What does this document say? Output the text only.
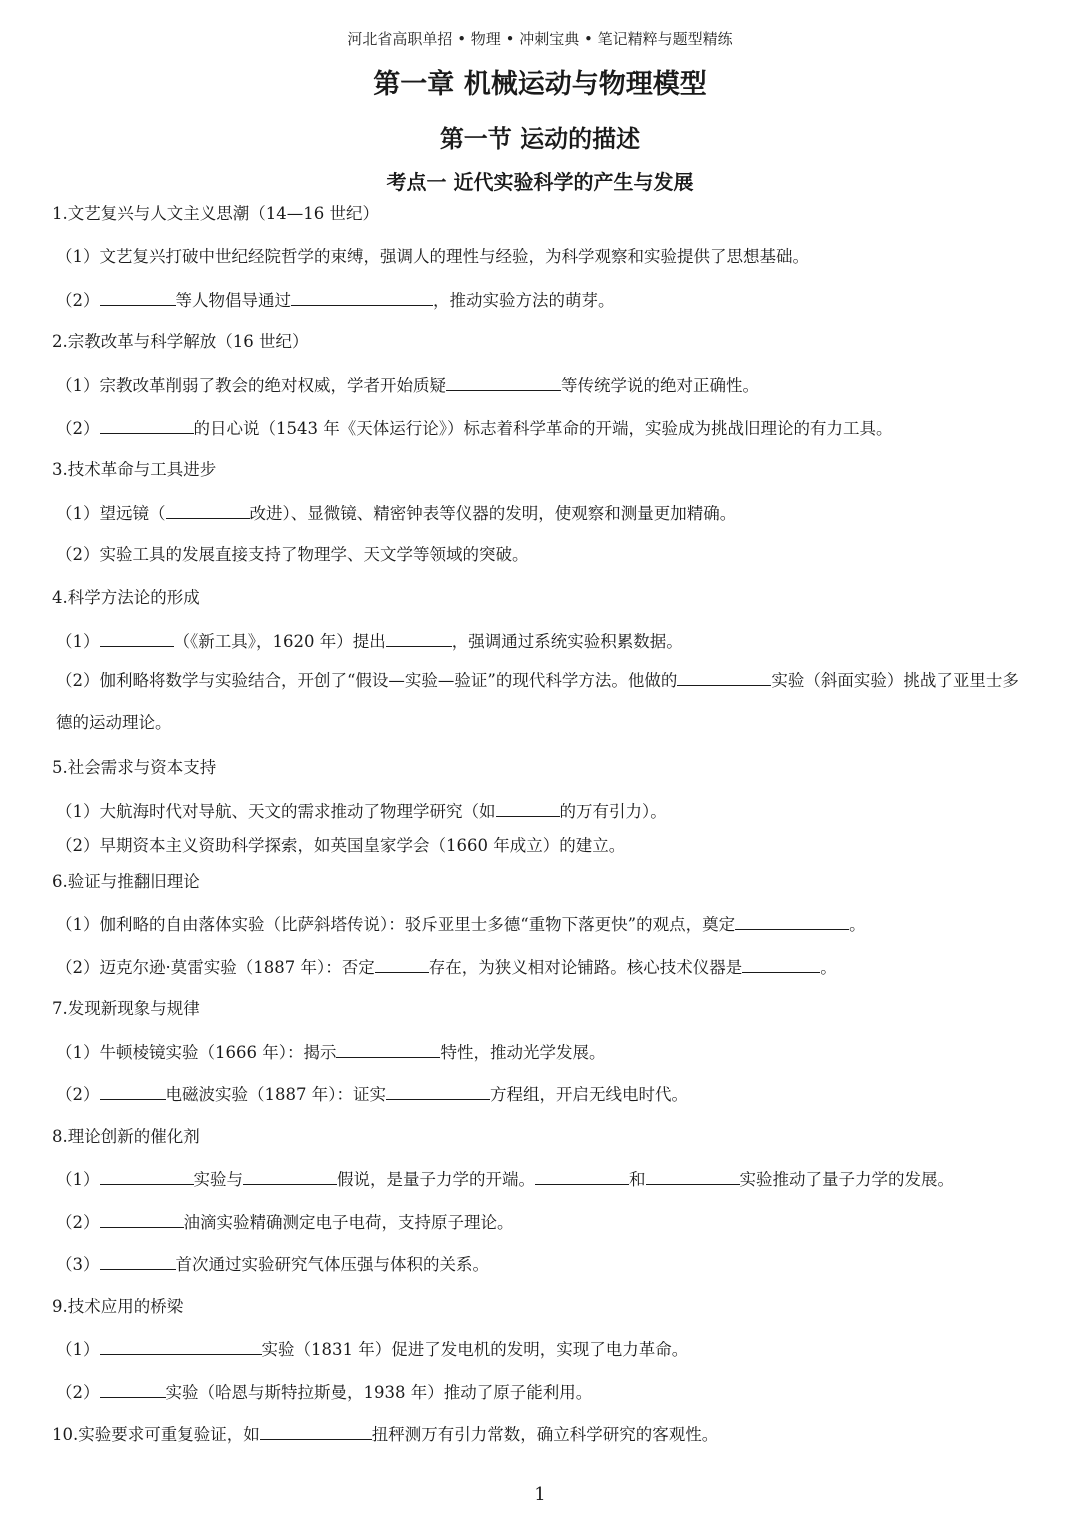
河北省高职单招 • 物理 • 冲刺宝典 • 笔记精粹与题型精练
第一章 机械运动与物理模型
第一节 运动的描述
考点一 近代实验科学的产生与发展
1.文艺复兴与人文主义思潮（14—16 世纪）
（1）文艺复兴打破中世纪经院哲学的束缚，强调人的理性与经验，为科学观察和实验提供了思想基础。
（2）	等人物倡导通过	，推动实验方法的萌芽。
2.宗教改革与科学解放（16 世纪）
（1）宗教改革削弱了教会的绝对权威，学者开始质疑	等传统学说的绝对正确性。
（2）	的日心说（1543 年《天体运行论》）标志着科学革命的开端，实验成为挑战旧理论的有力工具。
3.技术革命与工具进步
（1）望远镜（	改进）、显微镜、精密钟表等仪器的发明，使观察和测量更加精确。
（2）实验工具的发展直接支持了物理学、天文学等领域的突破。
4.科学方法论的形成
（1）	（《新工具》，1620 年）提出	，强调通过系统实验积累数据。
（2）伽利略将数学与实验结合，开创了“假设—实验—验证”的现代科学方法。他做的	实验（斜面实验）挑战了亚里士多德的运动理论。
5.社会需求与资本支持
（1）大航海时代对导航、天文的需求推动了物理学研究（如	的万有引力）。
（2）早期资本主义资助科学探索，如英国皇家学会（1660 年成立）的建立。
6.验证与推翻旧理论
（1）伽利略的自由落体实验（比萨斜塔传说）：驳斥亚里士多德“重物下落更快”的观点，奠定	。
（2）迈克尔逊·莫雷实验（1887 年）：否定	存在，为狭义相对论铺路。核心技术仪器是	。
7.发现新现象与规律
（1）牛顿棱镜实验（1666 年）：揭示	特性，推动光学发展。
（2）	电磁波实验（1887 年）：证实	方程组，开启无线电时代。
8.理论创新的催化剂
（1）	实验与	假说，是量子力学的开端。	和	实验推动了量子力学的发展。
（2）	油滴实验精确测定电子电荷，支持原子理论。
（3）	首次通过实验研究气体压强与体积的关系。
9.技术应用的桥梁
（1）	实验（1831 年）促进了发电机的发明，实现了电力革命。
（2）	实验（哈恩与斯特拉斯曼，1938 年）推动了原子能利用。
10.实验要求可重复验证，如	扭秤测万有引力常数，确立科学研究的客观性。
1
